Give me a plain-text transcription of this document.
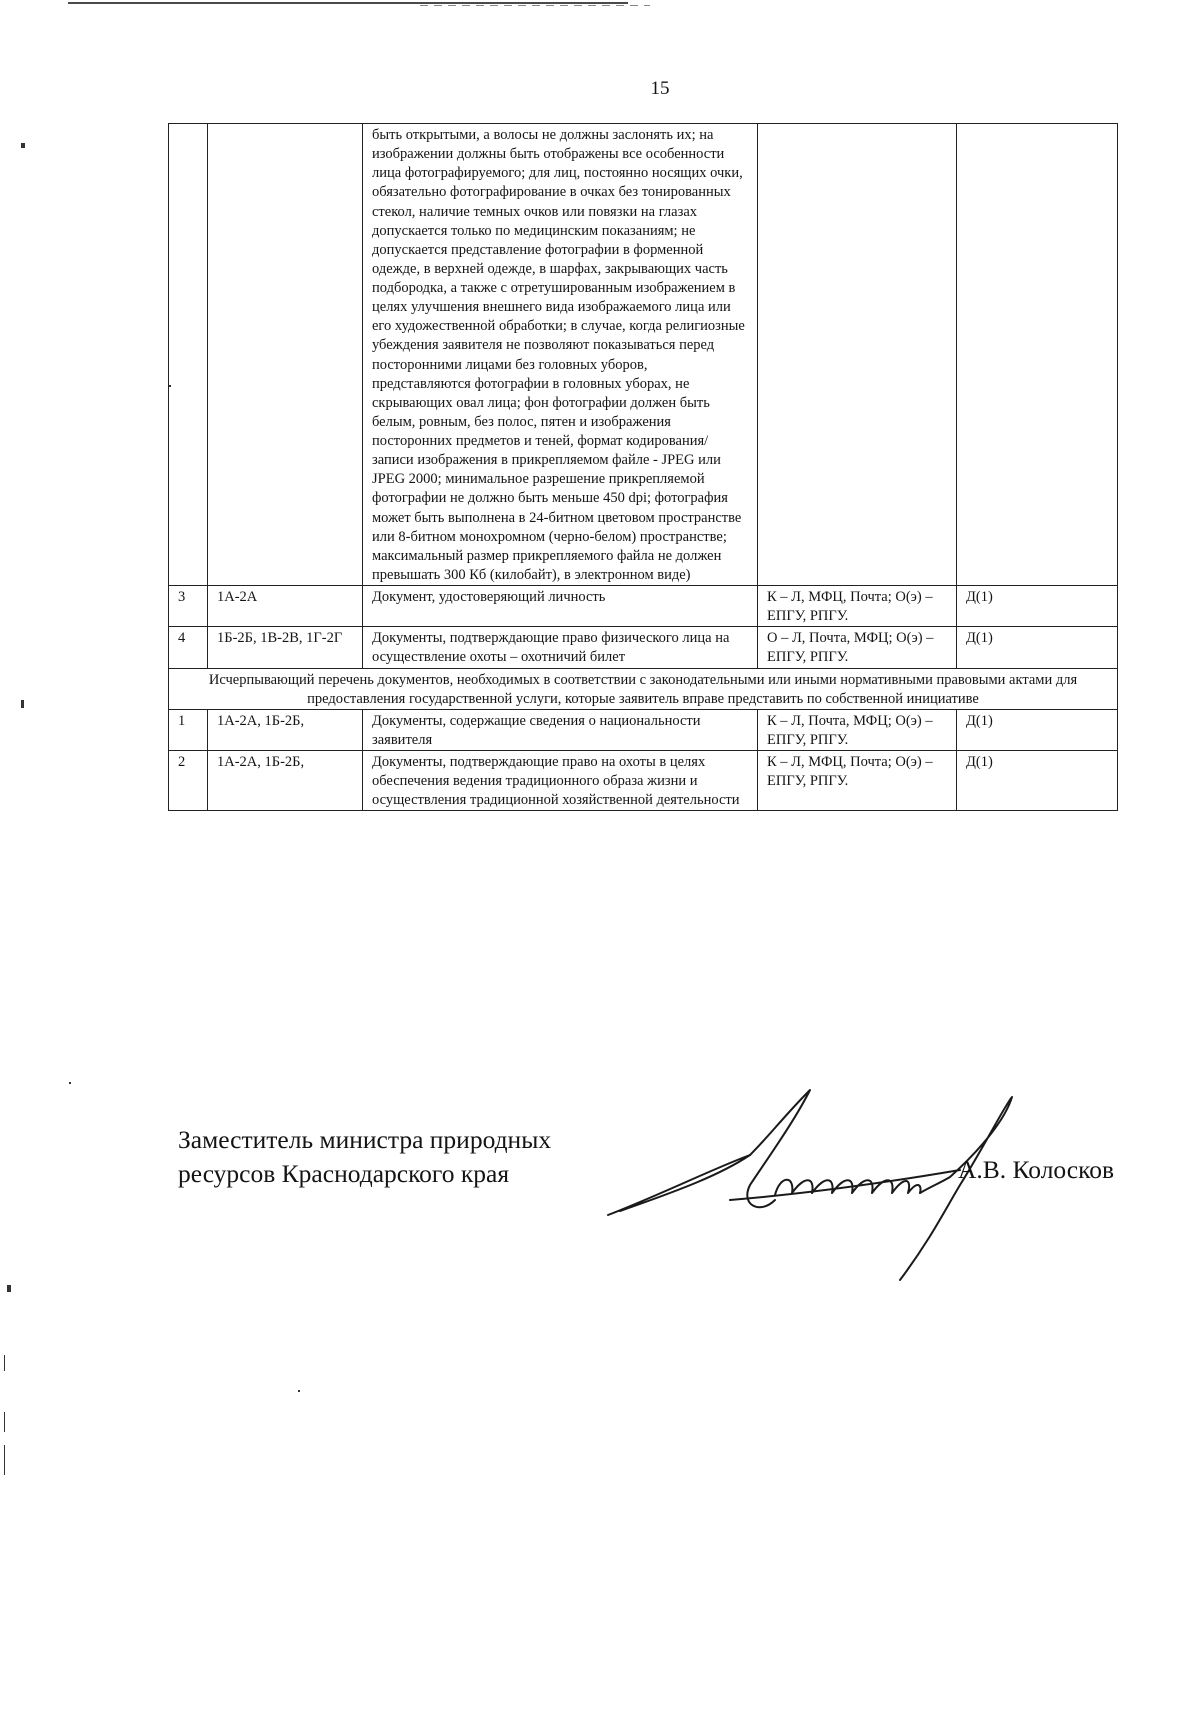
15
		быть открытыми, а волосы не должны заслонять их; на изображении должны быть отображены все особенности лица фотографируемого; для лиц, постоянно носящих очки, обязательно фотографирование в очках без тонированных стекол, наличие темных очков или повязки на глазах допускается только по медицинским показаниям; не допускается представление фотографии в форменной одежде, в верхней одежде, в шарфах, закрывающих часть подбородка, а также с отретушированным изображением в целях улучшения внешнего вида изображаемого лица или его художественной обработки; в случае, когда религиозные убеждения заявителя не позволяют показываться перед посторонними лицами без головных уборов, представляются фотографии в головных уборах, не скрывающих овал лица; фон фотографии должен быть белым, ровным, без полос, пятен и изображения посторонних предметов и теней, формат кодирования/записи изображения в прикрепляемом файле - JPEG или JPEG 2000; минимальное разрешение прикрепляемой фотографии не должно быть меньше 450 dpi; фотография может быть выполнена в 24-битном цветовом пространстве или 8-битном монохромном (черно-белом) пространстве; максимальный размер прикрепляемого файла не должен превышать 300 Кб (килобайт), в электронном виде)		
3	1А-2А	Документ, удостоверяющий личность	К – Л, МФЦ, Почта; О(э) – ЕПГУ, РПГУ.	Д(1)
4	1Б-2Б, 1В-2В, 1Г-2Г	Документы, подтверждающие право физического лица на осуществление охоты – охотничий билет	О – Л, Почта, МФЦ; О(э) – ЕПГУ, РПГУ.	Д(1)
Исчерпывающий перечень документов, необходимых в соответствии с законодательными или иными нормативными правовыми актами для предоставления государственной услуги, которые заявитель вправе представить по собственной инициативе				
1	1А-2А, 1Б-2Б,	Документы, содержащие сведения о национальности заявителя	К – Л, Почта, МФЦ; О(э) – ЕПГУ, РПГУ.	Д(1)
2	1А-2А, 1Б-2Б,	Документы, подтверждающие право на охоты в целях обеспечения ведения традиционного образа жизни и осуществления традиционной хозяйственной деятельности	К – Л, МФЦ, Почта; О(э) – ЕПГУ, РПГУ.	Д(1)
Заместитель министра природных
ресурсов Краснодарского края	А.В. Колосков
